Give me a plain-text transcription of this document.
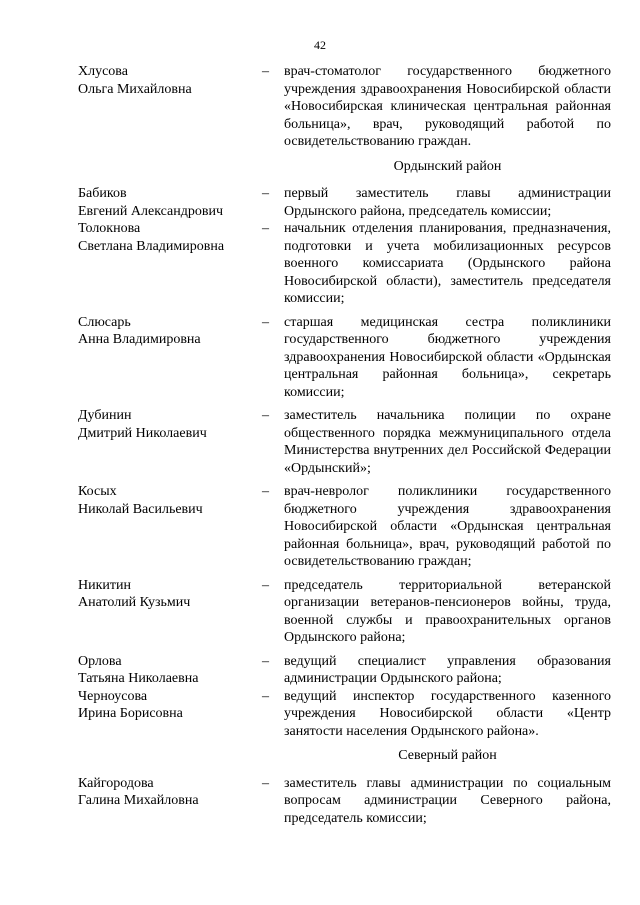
42
Хлусова
Ольга Михайловна
–	врач-стоматолог государственного бюджетного учреждения здравоохранения Новосибирской области «Новосибирская клиническая центральная районная больница», врач, руководящий работой по освидетельствованию граждан.
Ордынский район
Бабиков
Евгений Александрович
–	первый заместитель главы администрации Ордынского района, председатель комиссии;
Толокнова
Светлана Владимировна
–	начальник отделения планирования, предназначения, подготовки и учета мобилизационных ресурсов военного комиссариата (Ордынского района Новосибирской области), заместитель председателя комиссии;
Слюсарь
Анна Владимировна
–	старшая медицинская сестра поликлиники государственного бюджетного учреждения здравоохранения Новосибирской области «Ордынская центральная районная больница», секретарь комиссии;
Дубинин
Дмитрий Николаевич
–	заместитель начальника полиции по охране общественного порядка межмуниципального отдела Министерства внутренних дел Российской Федерации «Ордынский»;
Косых
Николай Васильевич
–	врач-невролог поликлиники государственного бюджетного учреждения здравоохранения Новосибирской области «Ордынская центральная районная больница», врач, руководящий работой по освидетельствованию граждан;
Никитин
Анатолий Кузьмич
–	председатель территориальной ветеранской организации ветеранов-пенсионеров войны, труда, военной службы и правоохранительных органов Ордынского района;
Орлова
Татьяна Николаевна
–	ведущий специалист управления образования администрации Ордынского района;
Черноусова
Ирина Борисовна
–	ведущий инспектор государственного казенного учреждения Новосибирской области «Центр занятости населения Ордынского района».
Северный район
Кайгородова
Галина Михайловна
–	заместитель главы администрации по социальным вопросам администрации Северного района, председатель комиссии;
